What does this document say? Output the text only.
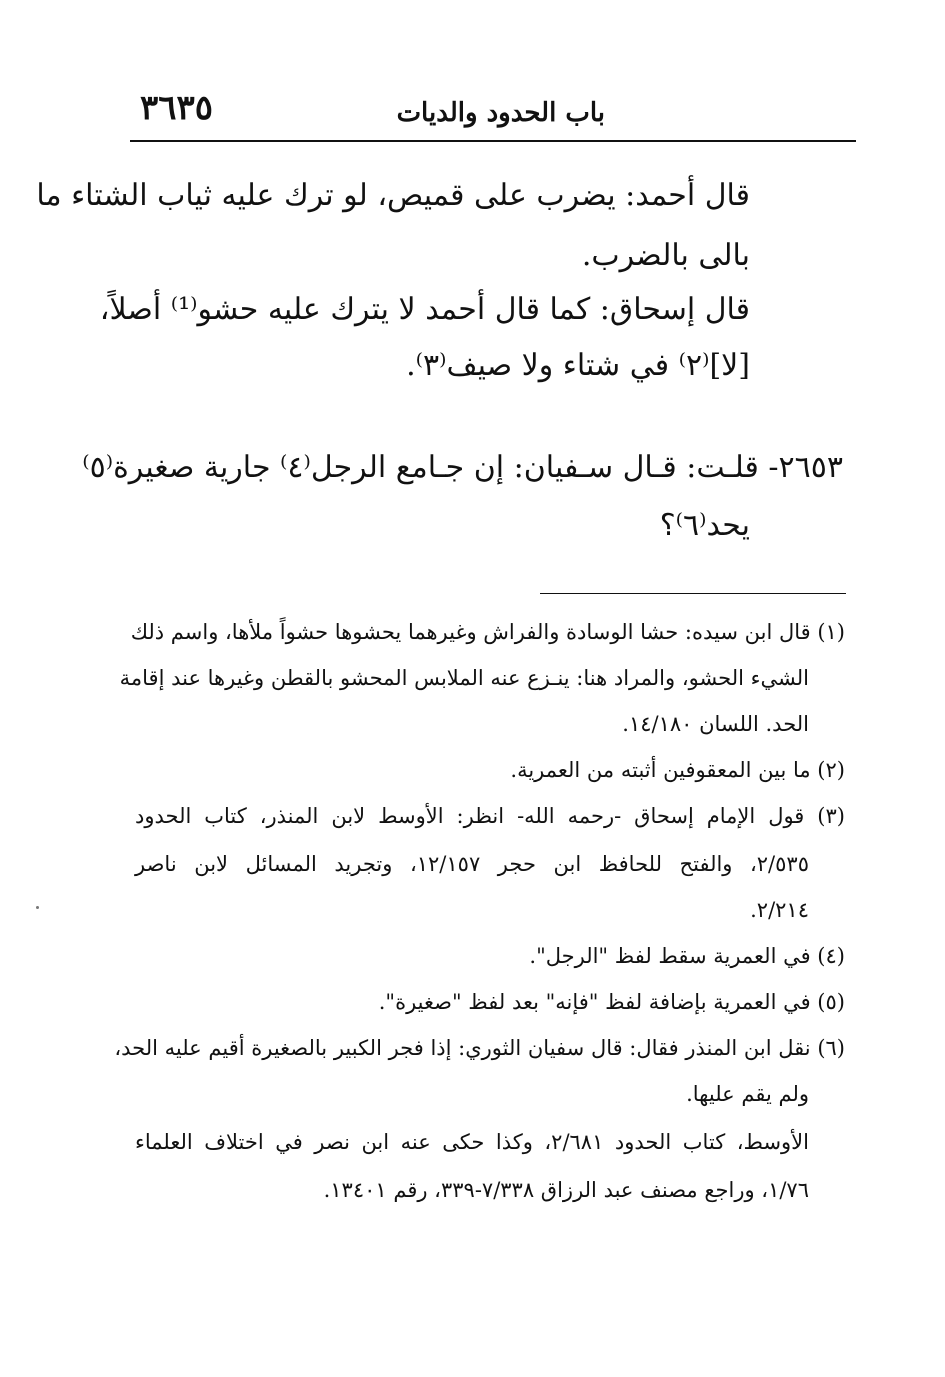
باب الحدود والديات
٣٦٣٥
قال أحمد: يضرب على قميص، لو ترك عليه ثياب الشتاء ما
بالى بالضرب.
قال إسحاق: كما قال أحمد لا يترك عليه حشو⁽¹⁾ أصلاً،
[لا]⁽٢⁾ في شتاء ولا صيف⁽٣⁾.
٢٦٥٣- قلـت: قـال سـفيان: إن جـامع الرجل⁽٤⁾ جارية صغيرة⁽٥⁾
يحد⁽٦⁾؟
(١) قال ابن سيده: حشا الوسادة والفراش وغيرهما يحشوها حشواً ملأها، واسم ذلك
الشيء الحشو، والمراد هنا: ينـزع عنه الملابس المحشو بالقطن وغيرها عند إقامة
الحد. اللسان ١٤/١٨٠.
(٢) ما بين المعقوفين أثبته من العمرية.
(٣) قول الإمام إسحاق -رحمه الله- انظر: الأوسط لابن المنذر، كتاب الحدود
٢/٥٣٥، والفتح للحافظ ابن حجر ١٢/١٥٧، وتجريد المسائل لابن ناصر
٢/٢١٤.
(٤) في العمرية سقط لفظ "الرجل".
(٥) في العمرية بإضافة لفظ "فإنه" بعد لفظ "صغيرة".
(٦) نقل ابن المنذر فقال: قال سفيان الثوري: إذا فجر الكبير بالصغيرة أقيم عليه الحد،
ولم يقم عليها.
الأوسط، كتاب الحدود ٢/٦٨١، وكذا حكى عنه ابن نصر في اختلاف العلماء
١/٧٦، وراجع مصنف عبد الرزاق ٧/٣٣٨-٣٣٩، رقم ١٣٤٠١.
